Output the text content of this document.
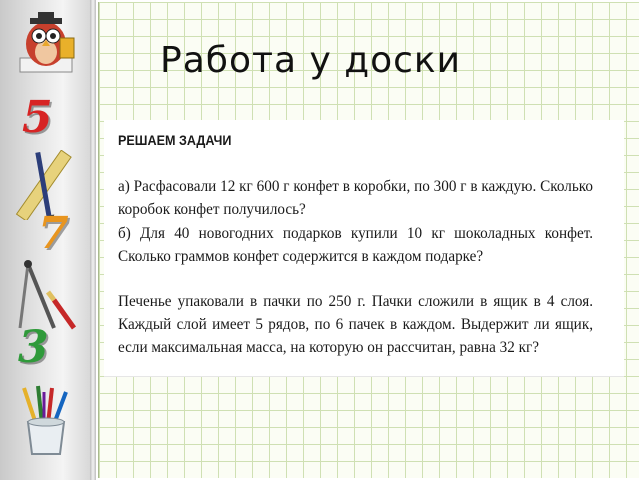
5
7
3
Работа у доски
РЕШАЕМ ЗАДАЧИ
а) Расфасовали 12 кг 600 г конфет в коробки, по 300 г в каждую. Сколько коробок конфет получилось?
б) Для 40 новогодних подарков купили 10 кг шоколадных конфет. Сколько граммов конфет содержится в каждом подарке?
Печенье упаковали в пачки по 250 г. Пачки сложили в ящик в 4 слоя. Каждый слой имеет 5 рядов, по 6 пачек в каждом. Выдержит ли ящик, если максимальная масса, на которую он рассчитан, равна 32 кг?
